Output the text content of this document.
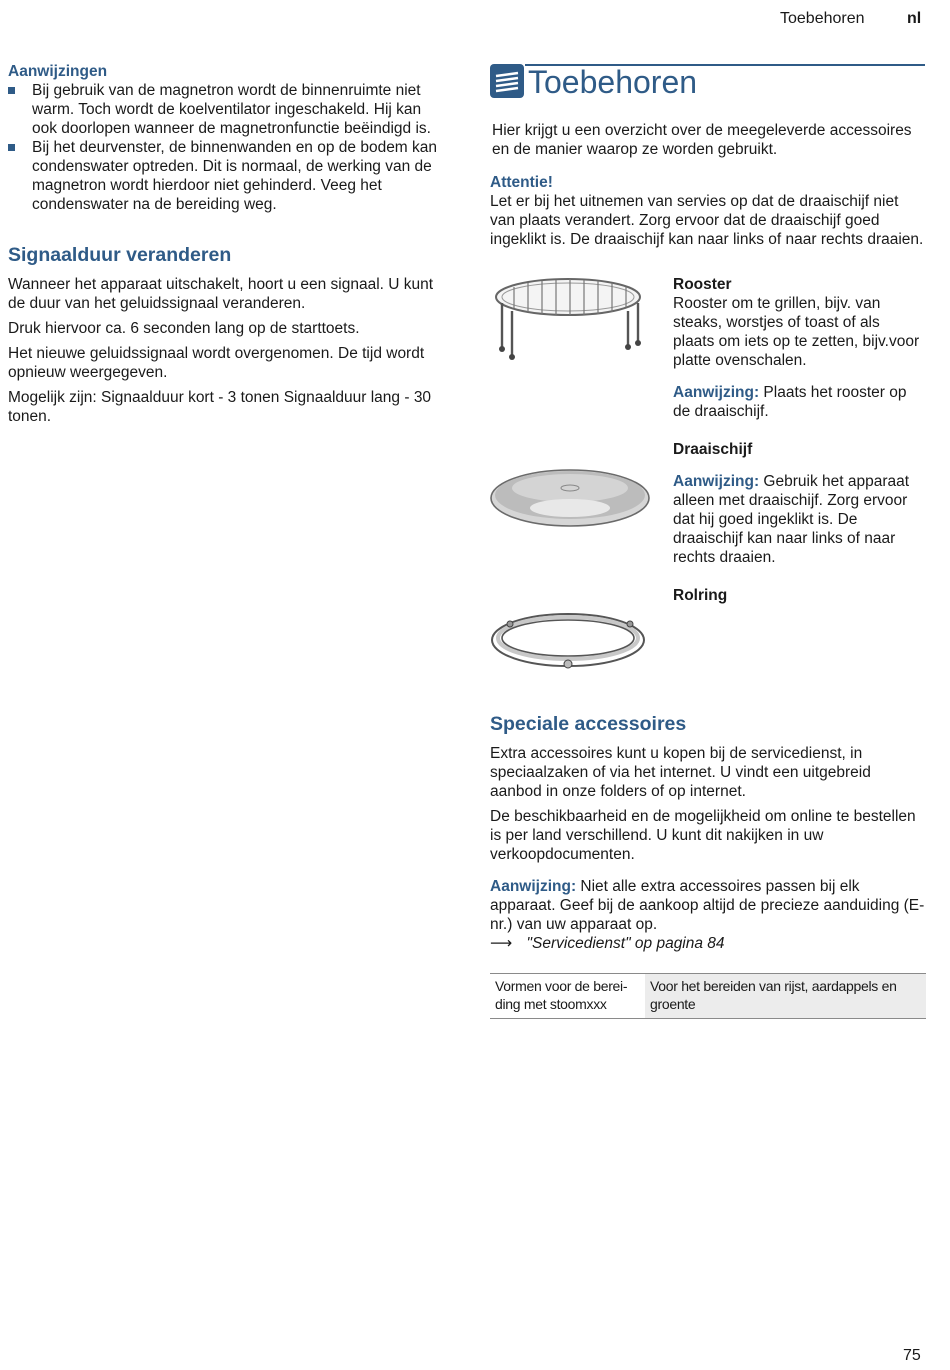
Toebehoren	nl
Aanwijzingen
Bij gebruik van de magnetron wordt de binnenruimte niet warm. Toch wordt de koelventilator ingeschakeld. Hij kan ook doorlopen wanneer de magnetronfunctie beëindigd is.
Bij het deurvenster, de binnenwanden en op de bodem kan condenswater optreden. Dit is normaal, de werking van de magnetron wordt hierdoor niet gehinderd. Veeg het condenswater na de bereiding weg.
Signaalduur veranderen

Wanneer het apparaat uitschakelt, hoort u een signaal. U kunt de duur van het geluidssignaal veranderen.

Druk hiervoor ca. 6 seconden lang op de starttoets.

Het nieuwe geluidssignaal wordt overgenomen. De tijd wordt opnieuw weergegeven.

Mogelijk zijn: Signaalduur kort - 3 tonen Signaalduur lang - 30 tonen.

Toebehoren

Hier krijgt u een overzicht over de meegeleverde accessoires en de manier waarop ze worden gebruikt.

Attentie!

Let er bij het uitnemen van servies op dat de draaischijf niet van plaats verandert. Zorg ervoor dat de draaischijf goed ingeklikt is. De draaischijf kan naar links of naar rechts draaien.

Rooster

Rooster om te grillen, bijv. van steaks, worstjes of toast of als plaats om iets op te zetten, bijv.voor platte ovenschalen.

Aanwijzing: Plaats het rooster op de draaischijf.

Draaischijf

Aanwijzing: Gebruik het apparaat alleen met draaischijf. Zorg ervoor dat hij goed ingeklikt is. De draaischijf kan naar links of naar rechts draaien.

Rolring
Speciale accessoires

Extra accessoires kunt u kopen bij de servicedienst, in speciaalzaken of via het internet. U vindt een uitgebreid aanbod in onze folders of op internet.

De beschikbaarheid en de mogelijkheid om online te bestellen is per land verschillend. U kunt dit nakijken in uw verkoopdocumenten.

Aanwijzing: Niet alle extra accessoires passen bij elk apparaat. Geef bij de aankoop altijd de precieze aanduiding (E-nr.) van uw apparaat op.

⟶ "Servicedienst" op pagina 84

Vormen voor de berei-ding met stoomxxx	Voor het bereiden van rijst, aardappels en groente
75
